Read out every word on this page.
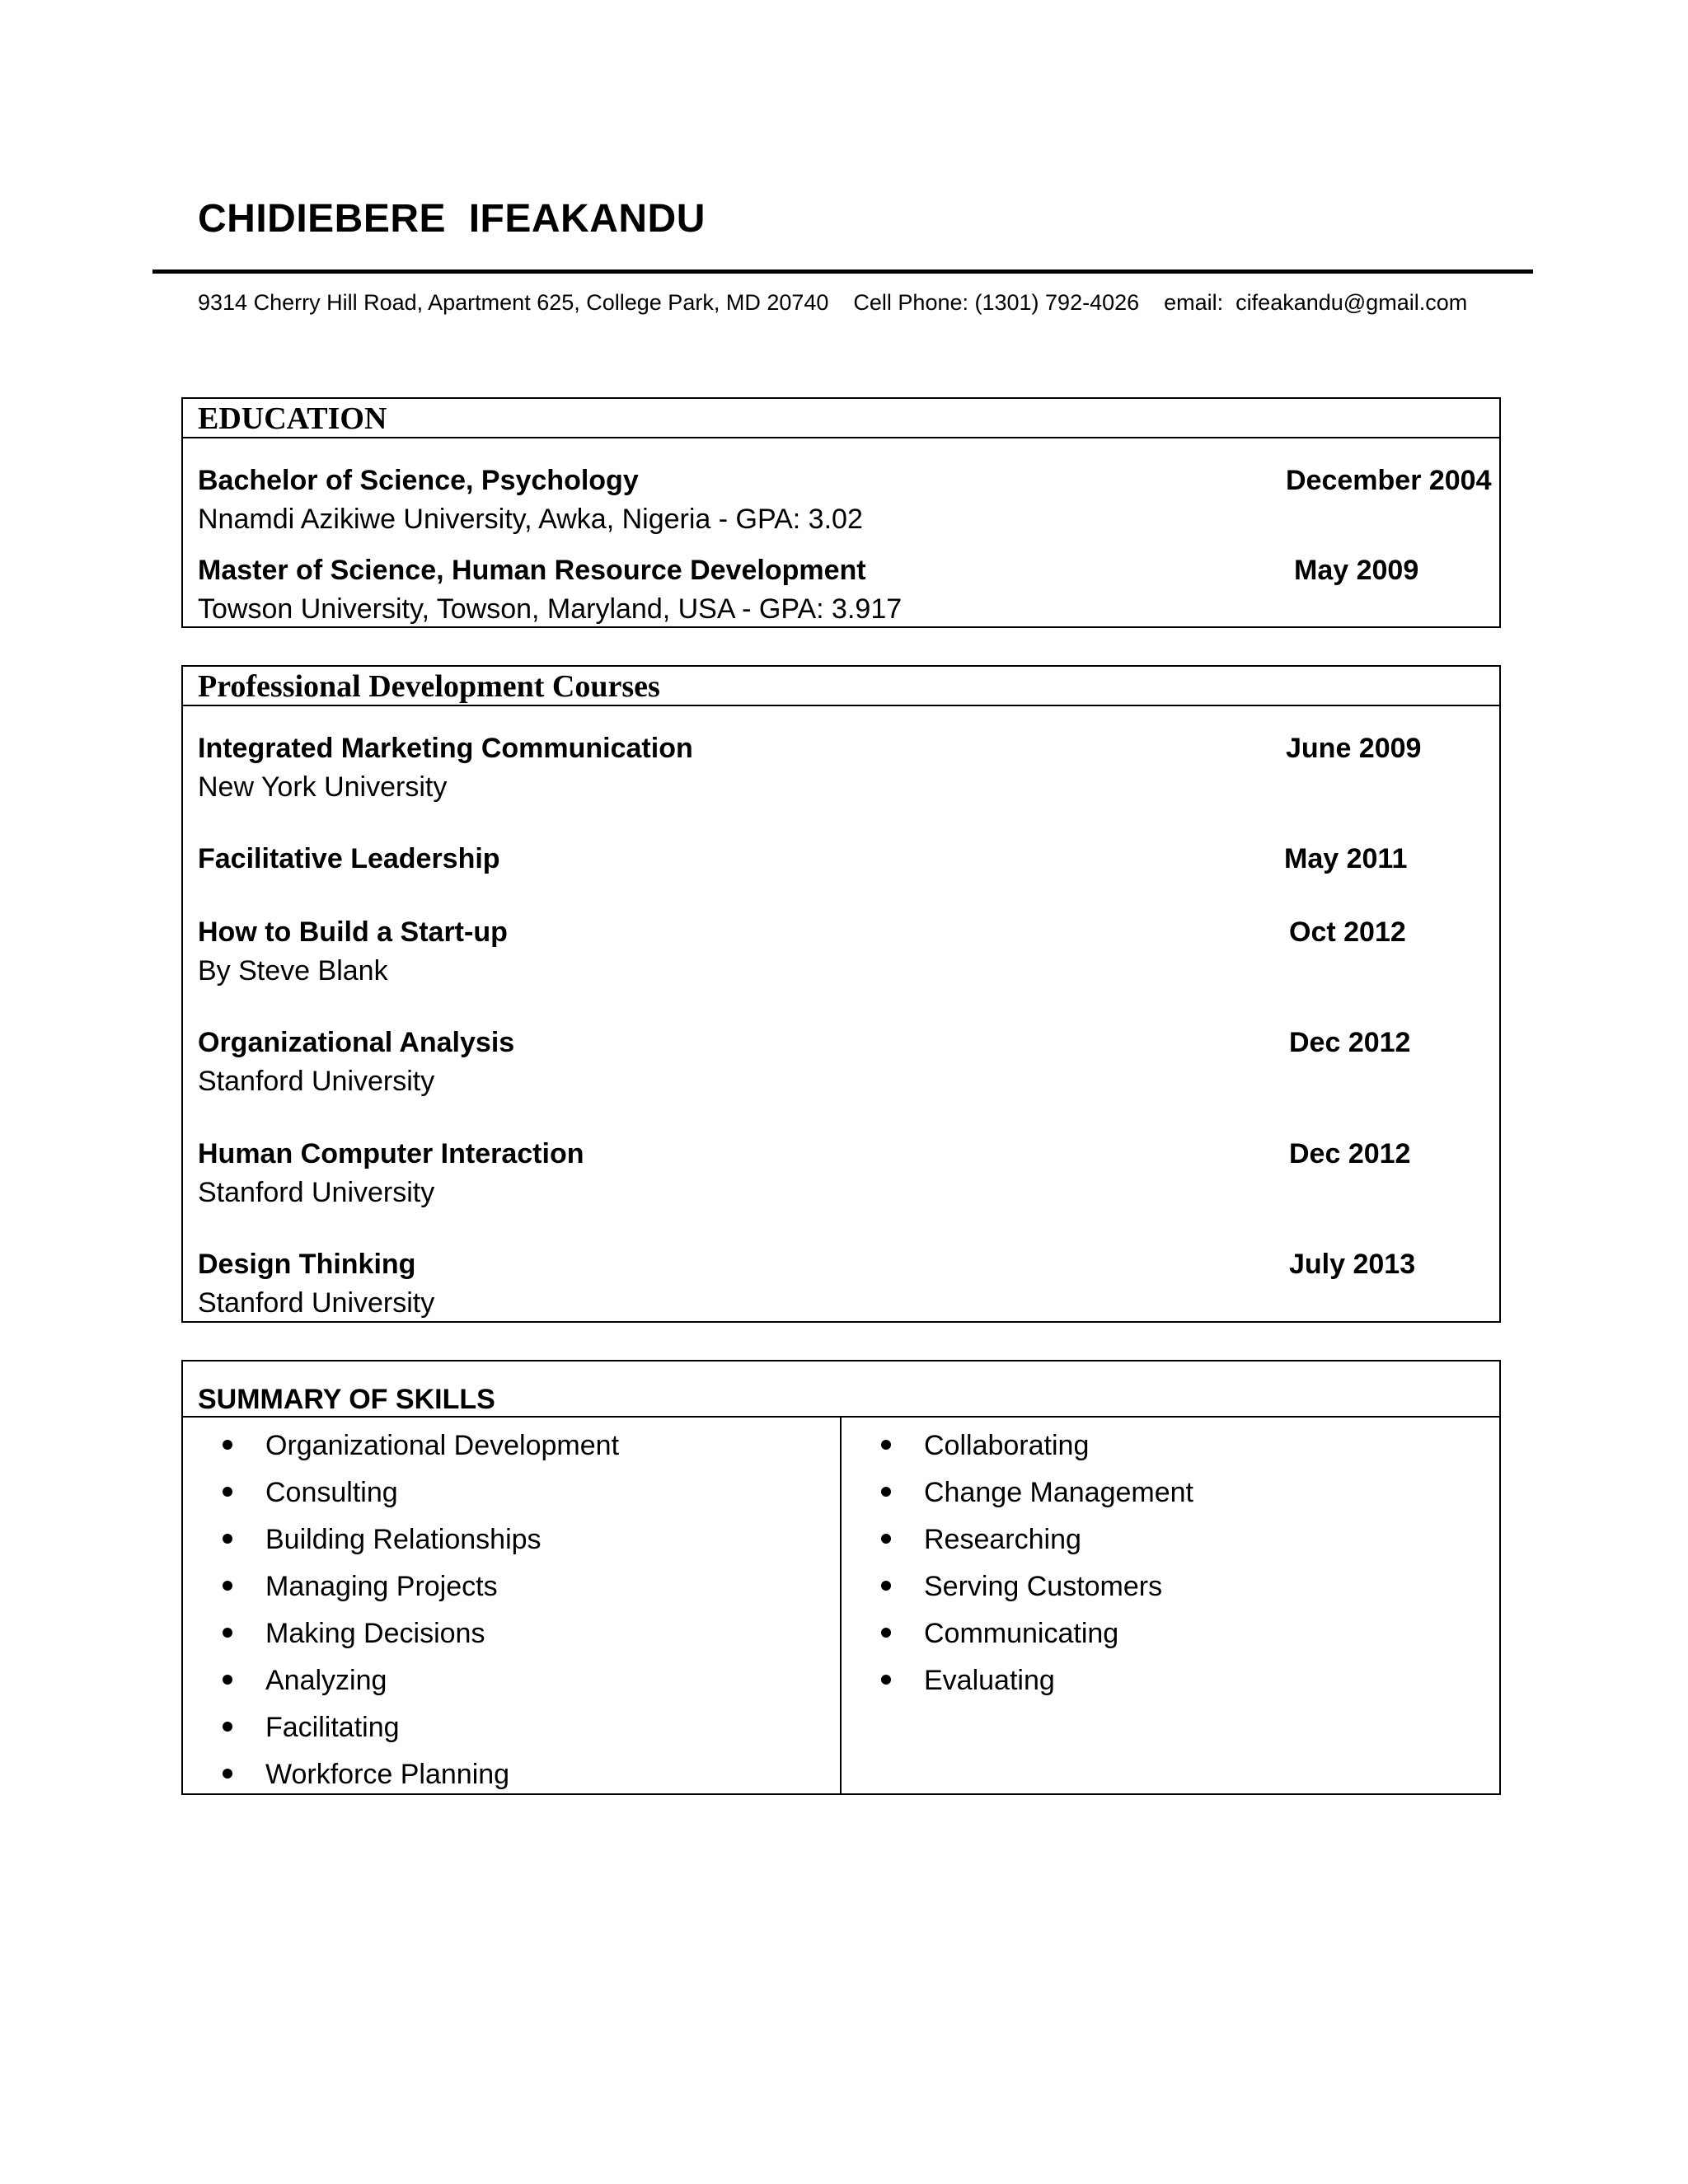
CHIDIEBERE  IFEAKANDU
9314 Cherry Hill Road, Apartment 625, College Park, MD 20740    Cell Phone: (1301) 792-4026    email:  cifeakandu@gmail.com
EDUCATION
Bachelor of Science, Psychology	December 2004
Nnamdi Azikiwe University, Awka, Nigeria - GPA: 3.02
Master of Science, Human Resource Development	May 2009
Towson University, Towson, Maryland, USA - GPA: 3.917
Professional Development Courses
Integrated Marketing Communication	June 2009
New York University
Facilitative Leadership	May 2011
How to Build a Start-up	Oct 2012
By Steve Blank
Organizational Analysis	Dec 2012
Stanford University
Human Computer Interaction	Dec 2012
Stanford University
Design Thinking	July 2013
Stanford University
SUMMARY OF SKILLS
Organizational Development
Consulting
Building Relationships
Managing Projects
Making Decisions
Analyzing
Facilitating
Workforce Planning
Collaborating
Change Management
Researching
Serving Customers
Communicating
Evaluating
